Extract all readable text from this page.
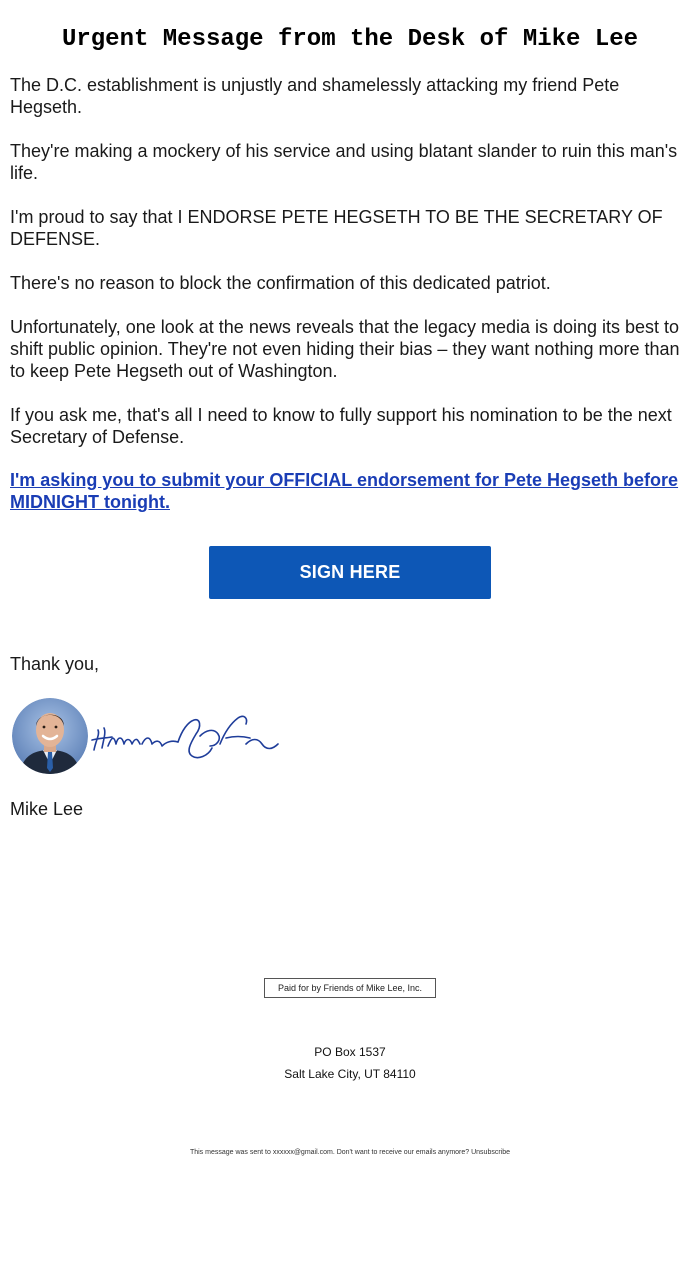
Urgent Message from the Desk of Mike Lee

The D.C. establishment is unjustly and shamelessly attacking my friend Pete Hegseth.

They're making a mockery of his service and using blatant slander to ruin this man's life.

I'm proud to say that I ENDORSE PETE HEGSETH TO BE THE SECRETARY OF DEFENSE.

There's no reason to block the confirmation of this dedicated patriot.

Unfortunately, one look at the news reveals that the legacy media is doing its best to shift public opinion. They're not even hiding their bias – they want nothing more than to keep Pete Hegseth out of Washington.

If you ask me, that's all I need to know to fully support his nomination to be the next Secretary of Defense.

I'm asking you to submit your OFFICIAL endorsement for Pete Hegseth before MIDNIGHT tonight.
SIGN HERE

Thank you,

Mike Lee

Paid for by Friends of Mike Lee, Inc.
PO Box 1537
Salt Lake City, UT 84110
This message was sent to xxxxxx@gmail.com. Don't want to receive our emails anymore? Unsubscribe
